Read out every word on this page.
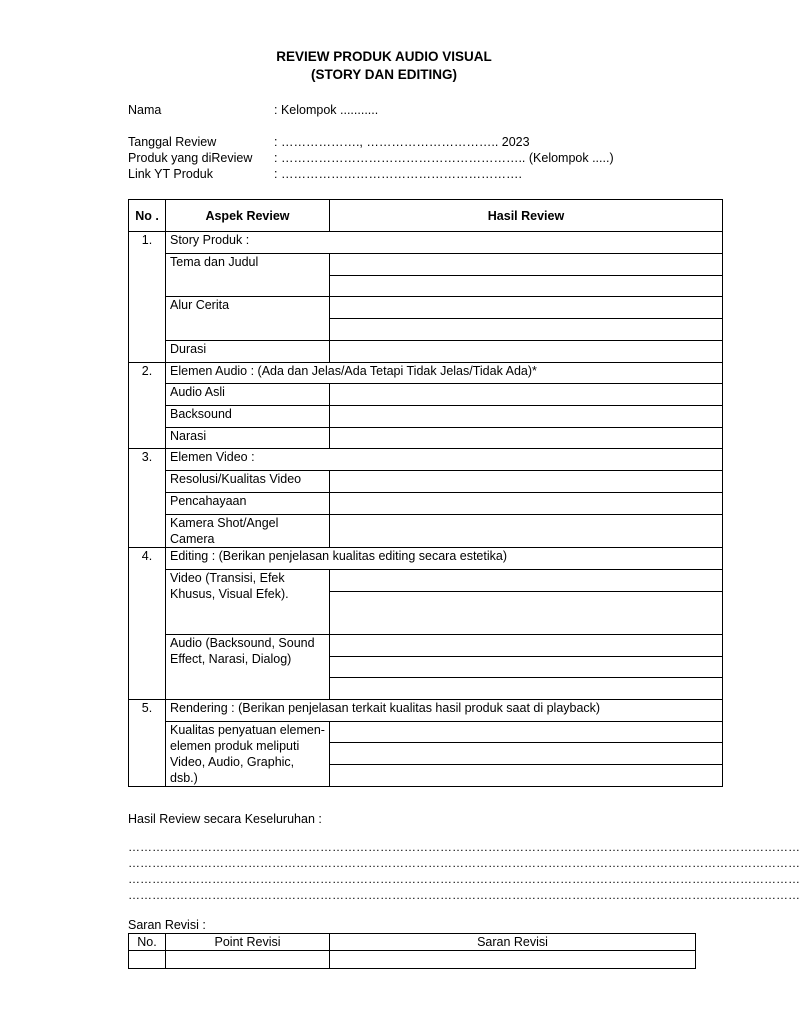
REVIEW PRODUK AUDIO VISUAL
(STORY DAN EDITING)
Nama	: Kelompok ...........
Tanggal Review	: ………………., ………………………….. 2023
Produk yang diReview : ………………………………………………….. (Kelompok .....)
Link YT Produk	: ………………………………………………….
No .	Aspek Review	Hasil Review
1.	Story Produk :	
	Tema dan Judul	

	Alur Cerita	

	Durasi	
2.	Elemen Audio : (Ada dan Jelas/Ada Tetapi Tidak Jelas/Tidak Ada)*	
	Audio Asli	
	Backsound	
	Narasi	
3.	Elemen Video :	
	Resolusi/Kualitas Video	
	Pencahayaan	
	Kamera Shot/Angel Camera	
4.	Editing : (Berikan penjelasan kualitas editing secara estetika)	
	Video (Transisi, Efek Khusus, Visual Efek).	

	Audio (Backsound, Sound Effect, Narasi, Dialog)	

5.	Rendering : (Berikan penjelasan terkait kualitas hasil produk saat di playback)	
	Kualitas penyatuan elemen-elemen produk meliputi Video, Audio, Graphic, dsb.)	

Hasil Review secara Keseluruhan :
……………………………………………………………………………………………………………………………………………………
……………………………………………………………………………………………………………………………………………………
……………………………………………………………………………………………………………………………………………………
……………………………………………………………………………………………………………………………………………………
Saran Revisi :
No.	Point Revisi	Saran Revisi
